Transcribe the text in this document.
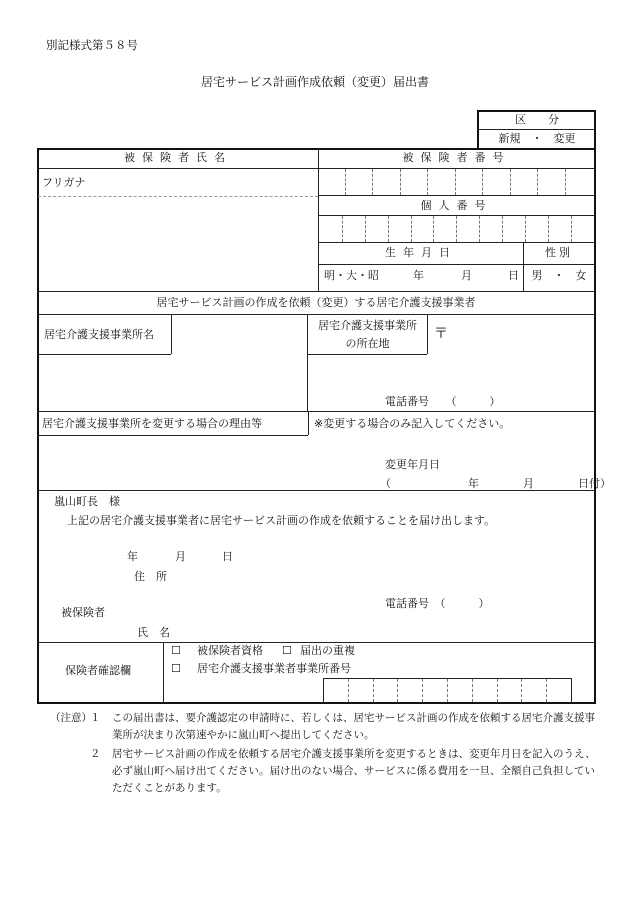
別記様式第５８号
居宅サービス計画作成依頼（変更）届出書
区　　分
新規　・　変更
被保険者氏名	被保険者番号
フリガナ
個人番号
生年月日	性別
明・大・昭	年	月	日	男　・　女
居宅サービス計画の作成を依頼（変更）する居宅介護支援事業者
居宅介護支援事業所名
居宅介護支援事業所
の所在地
〒
電話番号　　（　　　）
居宅介護支援事業所を変更する場合の理由等	※変更する場合のみ記入してください。
変更年月日
（　　　　　　　年　　　　月　　　　日付）
嵐山町長　様
上記の居宅介護支援事業者に居宅サービス計画の作成を依頼することを届け出します。
年	月	日
住　所
電話番号　（　　　）
被保険者
氏　名
保険者確認欄
☐ 被保険者資格 ☐ 届出の重複
☐ 居宅介護支援事業者事業所番号
（注意）
１	この届出書は、要介護認定の申請時に、若しくは、居宅サービス計画の作成を依頼する居宅介護支援事業所が決まり次第速やかに嵐山町へ提出してください。
２	居宅サービス計画の作成を依頼する居宅介護支援事業所を変更するときは、変更年月日を記入のうえ、必ず嵐山町へ届け出てください。届け出のない場合、サービスに係る費用を一旦、全額自己負担していただくことがあります。
